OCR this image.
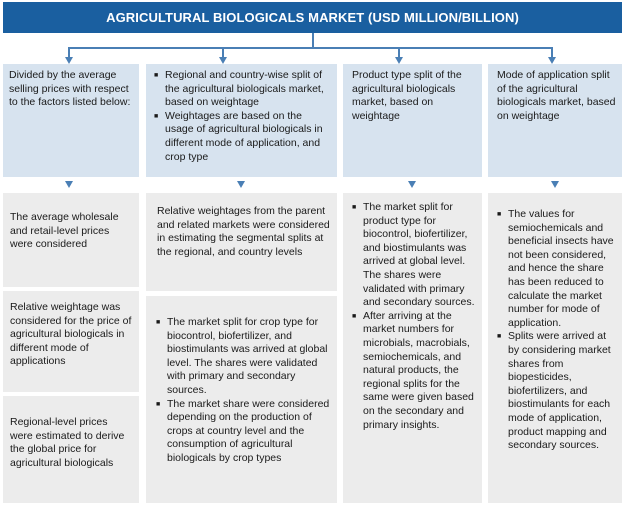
AGRICULTURAL BIOLOGICALS MARKET (USD MILLION/BILLION)
Divided by the average selling prices with respect to the factors listed below:
■ Regional and country-wise split of the agricultural biologicals market, based on weightage
■ Weightages are based on the usage of agricultural biologicals in different mode of application, and crop type
Product type split of the agricultural biologicals market, based on weightage
Mode of application split of the agricultural biologicals market, based on weightage
The average wholesale and retail-level prices were considered
Relative weightage was considered for the price of agricultural biologicals in different mode of applications
Regional-level prices were estimated to derive the global price for agricultural biologicals
Relative weightages from the parent and related markets were considered in estimating the segmental splits at the regional, and country levels
■ The market split for crop type for biocontrol, biofertilizer, and biostimulants was arrived at global level. The shares were validated with primary and secondary sources.
■ The market share were considered depending on the production of crops at country level and the consumption of agricultural biologicals by crop types
■ The market split for product type for biocontrol, biofertilizer, and biostimulants was arrived at global level. The shares were validated with primary and secondary sources.
■ After arriving at the market numbers for microbials, macrobials, semiochemicals, and natural products, the regional splits for the same were given based on the secondary and primary insights.
■ The values for semiochemicals and beneficial insects have not been considered, and hence the share has been reduced to calculate the market number for mode of application.
■ Splits were arrived at by considering market shares from biopesticides, biofertilizers, and biostimulants for each mode of application, product mapping and secondary sources.
